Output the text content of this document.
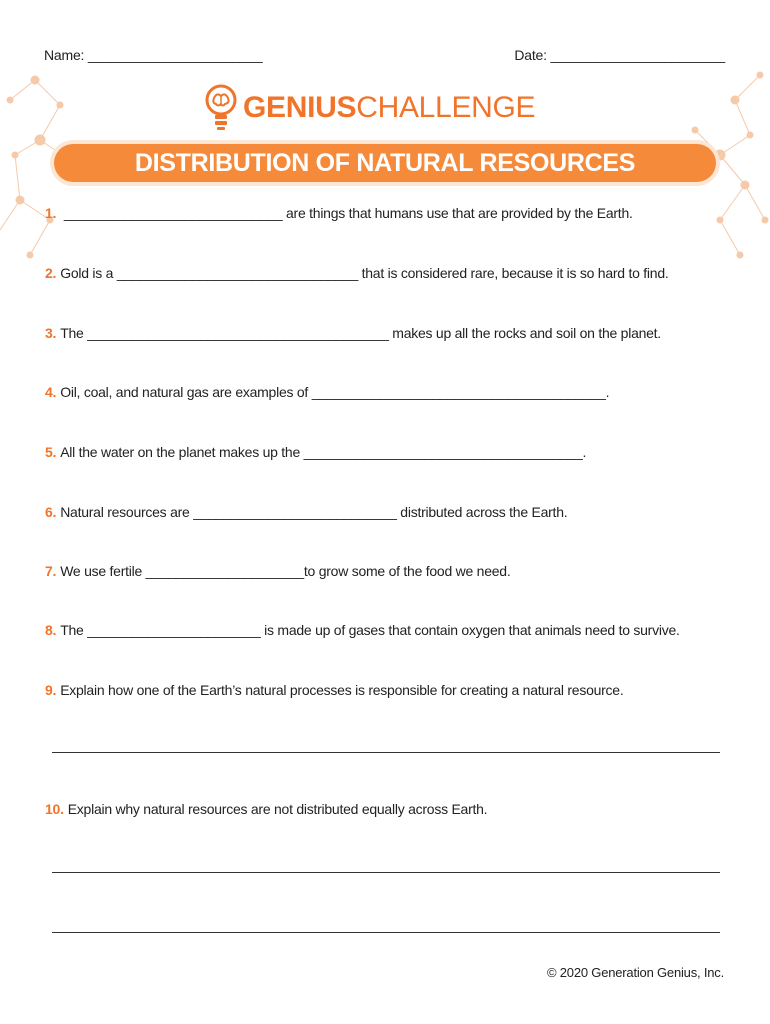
Name: _______________________	Date: _______________________
GENIUSCHALLENGE
DISTRIBUTION OF NATURAL RESOURCES
1. _____________________________ are things that humans use that are provided by the Earth.
2. Gold is a ________________________________ that is considered rare, because it is so hard to find.
3. The ________________________________________ makes up all the rocks and soil on the planet.
4. Oil, coal, and natural gas are examples of _______________________________________.
5. All the water on the planet makes up the _____________________________________.
6. Natural resources are ___________________________ distributed across the Earth.
7. We use fertile _____________________to grow some of the food we need.
8. The _______________________ is made up of gases that contain oxygen that animals need to survive.
9. Explain how one of the Earth’s natural processes is responsible for creating a natural resource.
10. Explain why natural resources are not distributed equally across Earth.
© 2020 Generation Genius, Inc.
